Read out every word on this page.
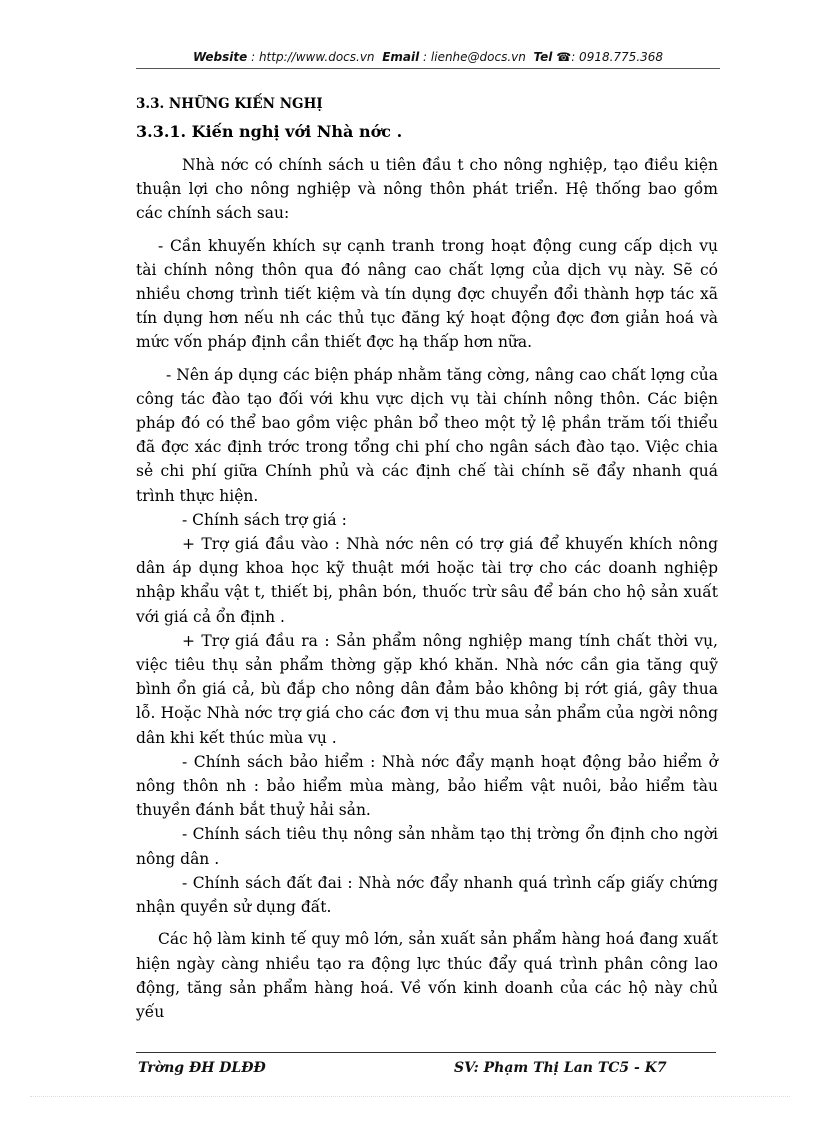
Website : http://www.docs.vn Email : lienhe@docs.vn Tel ☎: 0918.775.368
3.3. NHỮNG KIẾN NGHỊ
3.3.1. Kiến nghị với Nhà nớc .

Nhà nớc có chính sách u tiên đầu t cho nông nghiệp, tạo điều kiện thuận lợi cho nông nghiệp và nông thôn phát triển. Hệ thống bao gồm các chính sách sau:

- Cần khuyến khích sự cạnh tranh trong hoạt động cung cấp dịch vụ tài chính nông thôn qua đó nâng cao chất lợng của dịch vụ này. Sẽ có nhiều chơng trình tiết kiệm và tín dụng đợc chuyển đổi thành hợp tác xã tín dụng hơn nếu nh các thủ tục đăng ký hoạt động đợc đơn giản hoá và mức vốn pháp định cần thiết đợc hạ thấp hơn nữa.

- Nên áp dụng các biện pháp nhằm tăng cờng, nâng cao chất lợng của công tác đào tạo đối với khu vực dịch vụ tài chính nông thôn. Các biện pháp đó có thể bao gồm việc phân bổ theo một tỷ lệ phần trăm tối thiểu đã đợc xác định trớc trong tổng chi phí cho ngân sách đào tạo. Việc chia sẻ chi phí giữa Chính phủ và các định chế tài chính sẽ đẩy nhanh quá trình thực hiện.

- Chính sách trợ giá :

+ Trợ giá đầu vào : Nhà nớc nên có trợ giá để khuyến khích nông dân áp dụng khoa học kỹ thuật mới hoặc tài trợ cho các doanh nghiệp nhập khẩu vật t, thiết bị, phân bón, thuốc trừ sâu để bán cho hộ sản xuất với giá cả ổn định .

+ Trợ giá đầu ra : Sản phẩm nông nghiệp mang tính chất thời vụ, việc tiêu thụ sản phẩm thờng gặp khó khăn. Nhà nớc cần gia tăng quỹ bình ổn giá cả, bù đắp cho nông dân đảm bảo không bị rớt giá, gây thua lỗ. Hoặc Nhà nớc trợ giá cho các đơn vị thu mua sản phẩm của ngời nông dân khi kết thúc mùa vụ .

- Chính sách bảo hiểm : Nhà nớc đẩy mạnh hoạt động bảo hiểm ở nông thôn nh : bảo hiểm mùa màng, bảo hiểm vật nuôi, bảo hiểm tàu thuyền đánh bắt thuỷ hải sản.

- Chính sách tiêu thụ nông sản nhằm tạo thị trờng ổn định cho ngời nông dân .

- Chính sách đất đai : Nhà nớc đẩy nhanh quá trình cấp giấy chứng nhận quyền sử dụng đất.

Các hộ làm kinh tế quy mô lớn, sản xuất sản phẩm hàng hoá đang xuất hiện ngày càng nhiều tạo ra động lực thúc đẩy quá trình phân công lao động, tăng sản phẩm hàng hoá. Về vốn kinh doanh của các hộ này chủ yếu

Trờng ĐH DLĐĐ	SV: Phạm Thị Lan TC5 - K7
